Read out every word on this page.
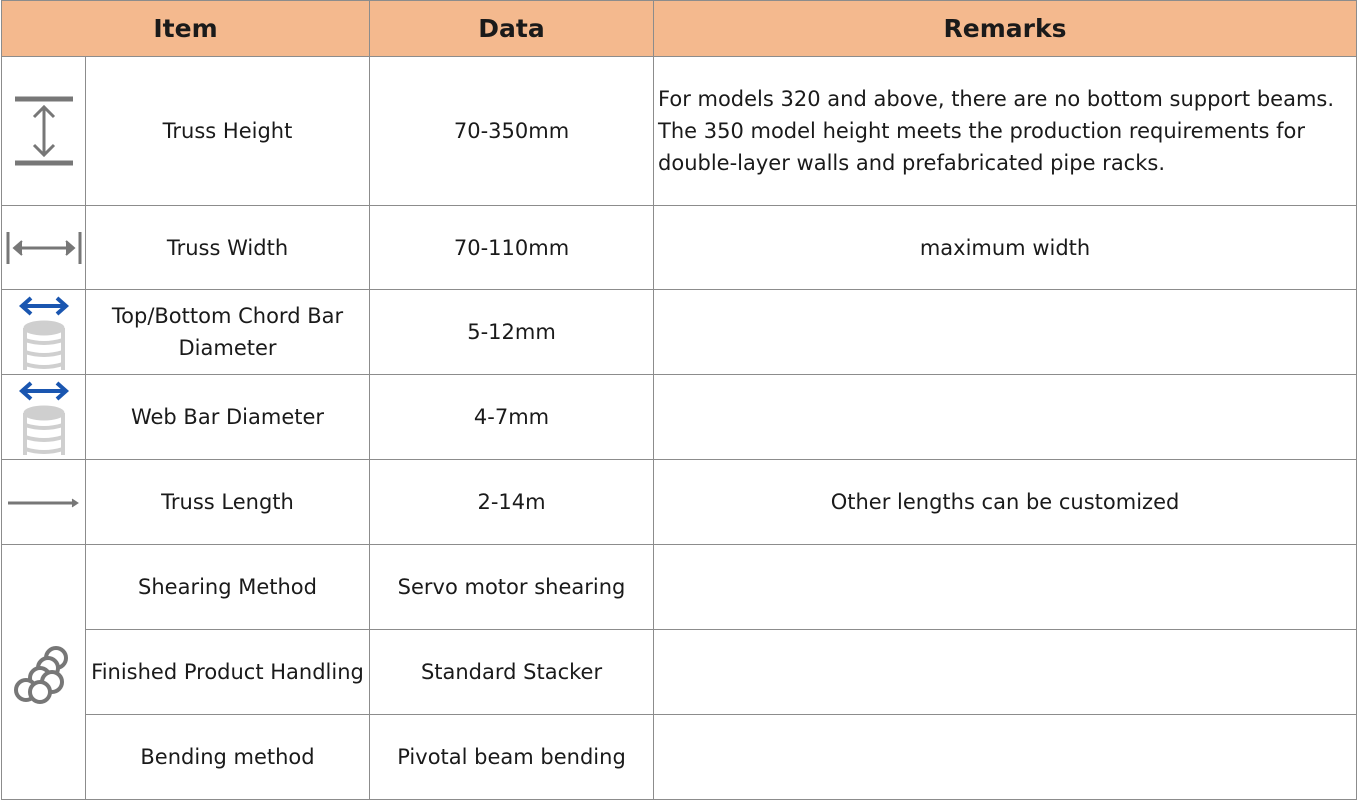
Item		Data	Remarks
	Truss Height	70-350mm	For models 320 and above, there are no bottom support beams. The 350 model height meets the production requirements for double-layer walls and prefabricated pipe racks.
	Truss Width	70-110mm	maximum width
	Top/Bottom Chord Bar Diameter	5-12mm	
	Web Bar Diameter	4-7mm	
	Truss Length	2-14m	Other lengths can be customized
	Shearing Method	Servo motor shearing	
	Finished Product Handling	Standard Stacker	
	Bending method	Pivotal beam bending	
